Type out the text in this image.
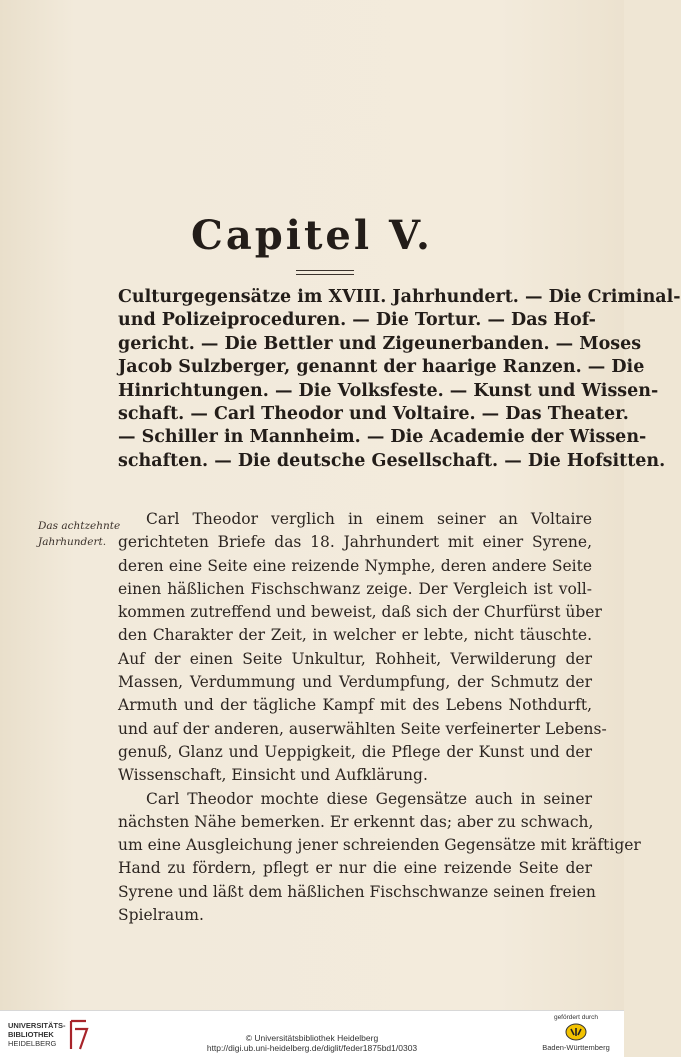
Capitel V.
Culturgegensätze im XVIII. Jahrhundert. — Die Criminal-
und Polizeiproceduren. — Die Tortur. — Das Hof-
gericht. — Die Bettler und Zigeunerbanden. — Moses
Jacob Sulzberger, genannt der haarige Ranzen. — Die
Hinrichtungen. — Die Volksfeste. — Kunst und Wissen-
schaft. — Carl Theodor und Voltaire. — Das Theater.
— Schiller in Mannheim. — Die Academie der Wissen-
schaften. — Die deutsche Gesellschaft. — Die Hofsitten.
Das achtzehnte
Jahrhundert.
Carl Theodor verglich in einem seiner an Voltaire
gerichteten Briefe das 18. Jahrhundert mit einer Syrene,
deren eine Seite eine reizende Nymphe, deren andere Seite
einen häßlichen Fischschwanz zeige. Der Vergleich ist voll-
kommen zutreffend und beweist, daß sich der Churfürst über
den Charakter der Zeit, in welcher er lebte, nicht täuschte.
Auf der einen Seite Unkultur, Rohheit, Verwilderung der
Massen, Verdummung und Verdumpfung, der Schmutz der
Armuth und der tägliche Kampf mit des Lebens Nothdurft,
und auf der anderen, auserwählten Seite verfeinerter Lebens-
genuß, Glanz und Ueppigkeit, die Pflege der Kunst und der
Wissenschaft, Einsicht und Aufklärung.
Carl Theodor mochte diese Gegensätze auch in seiner
nächsten Nähe bemerken. Er erkennt das; aber zu schwach,
um eine Ausgleichung jener schreienden Gegensätze mit kräftiger
Hand zu fördern, pflegt er nur die eine reizende Seite der
Syrene und läßt dem häßlichen Fischschwanze seinen freien
Spielraum.
UNIVERSITÄTS-
BIBLIOTHEK
HEIDELBERG
© Universitätsbibliothek Heidelberg
http://digi.ub.uni-heidelberg.de/diglit/feder1875bd1/0303
gefördert durch
Baden-Württemberg
